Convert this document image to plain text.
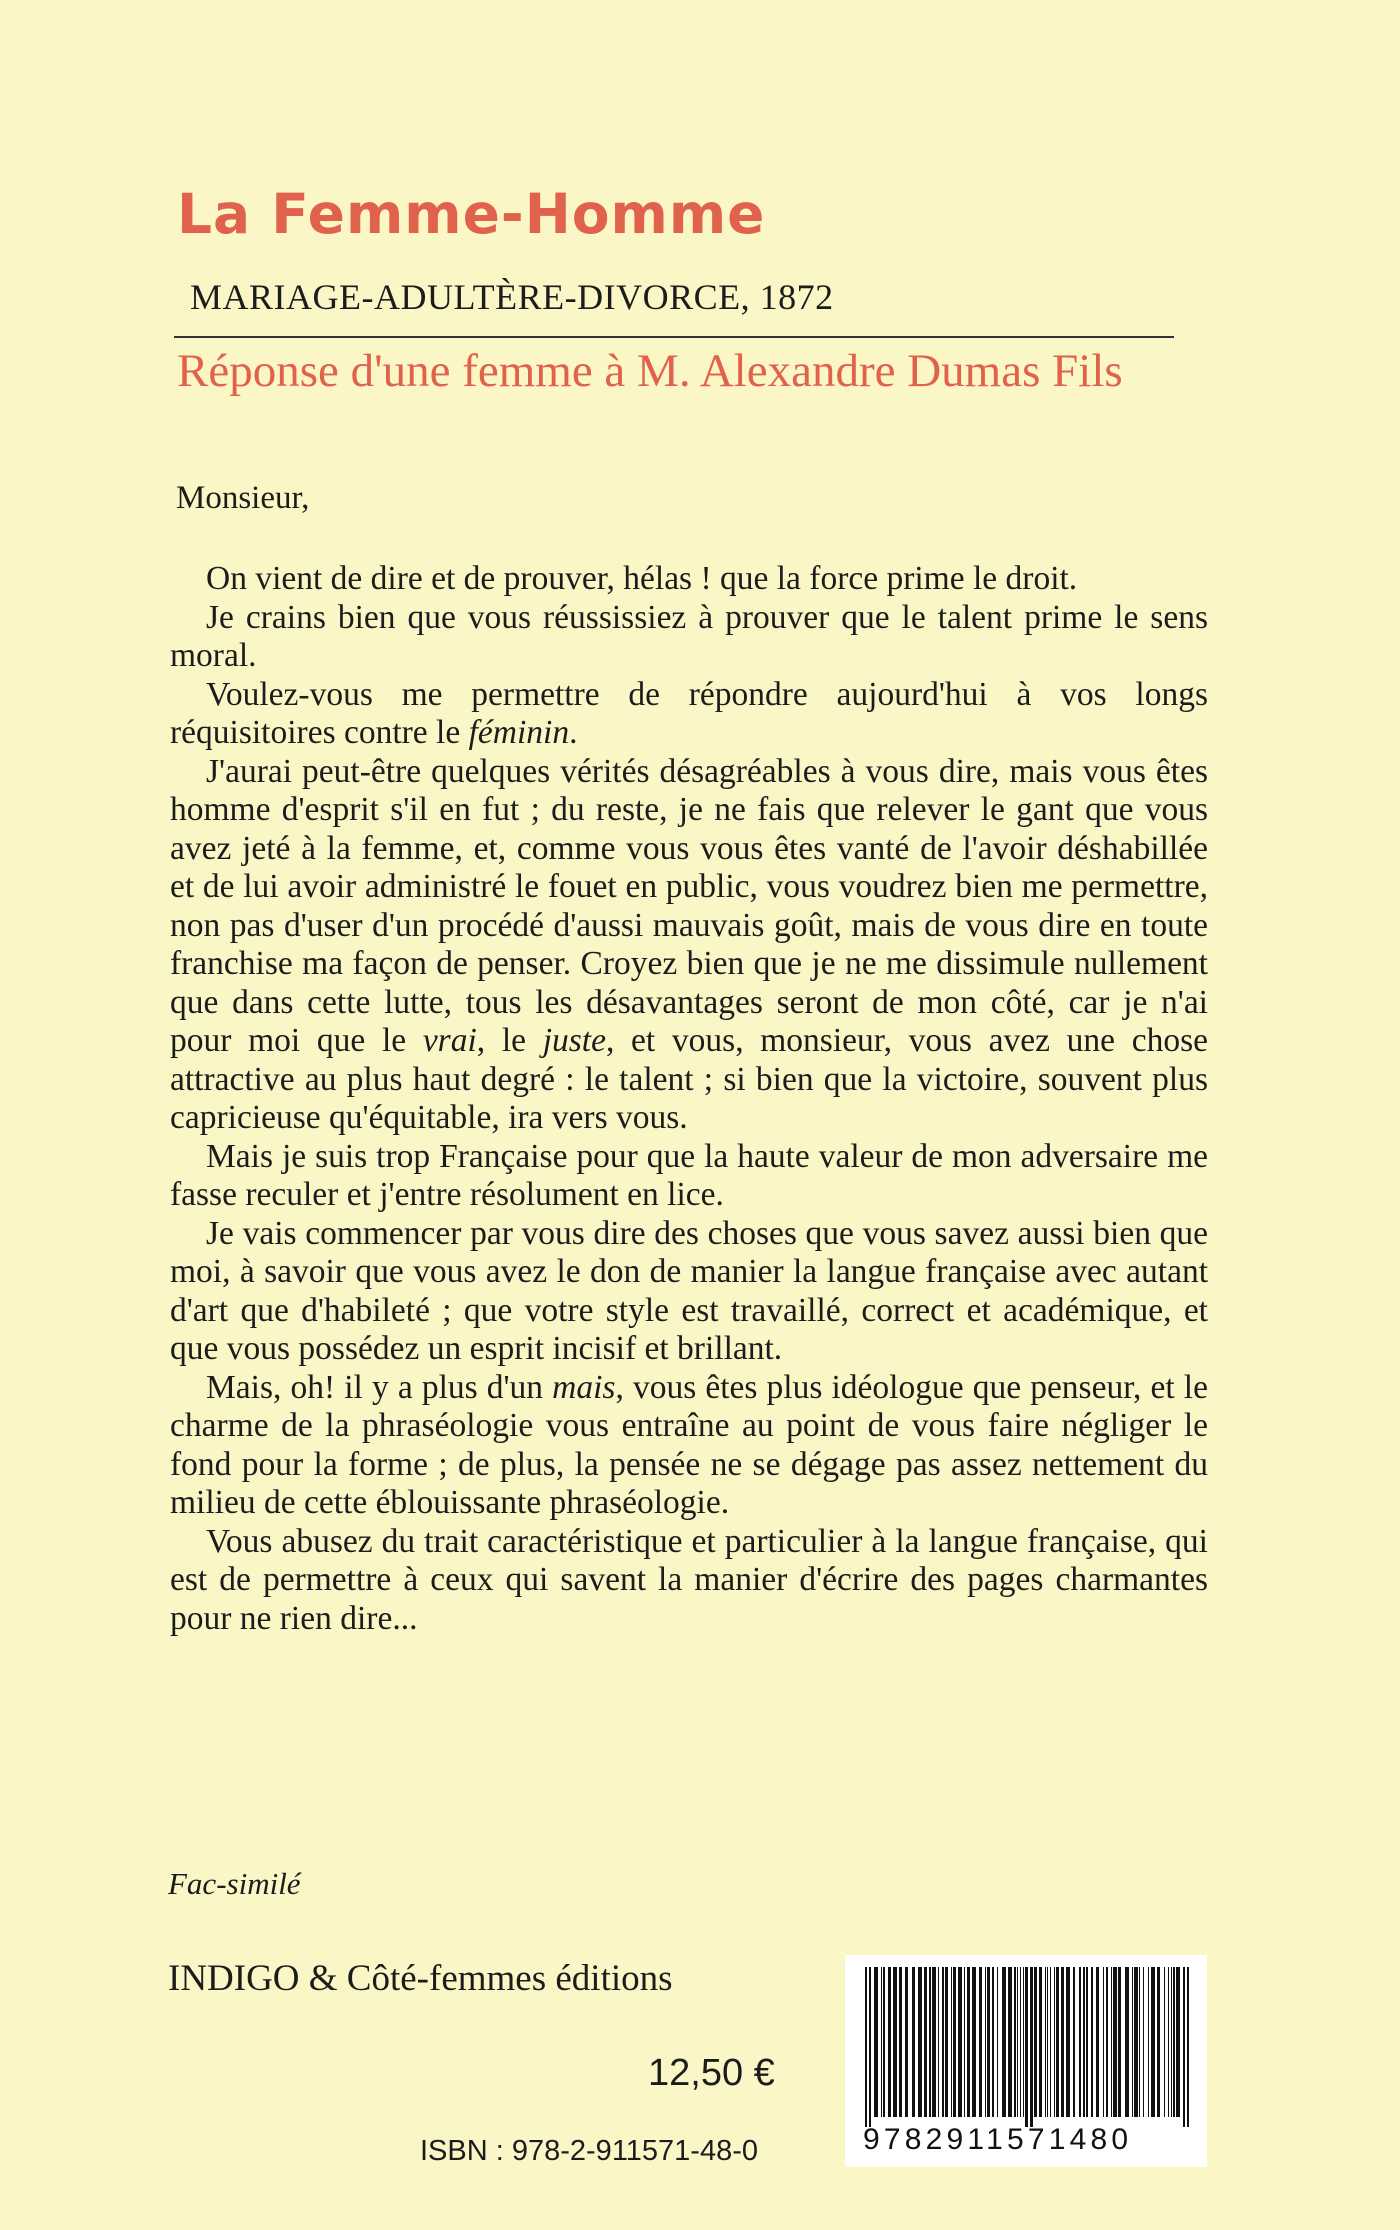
La Femme-Homme
MARIAGE-ADULTÈRE-DIVORCE, 1872
Réponse d'une femme à M. Alexandre Dumas Fils
Monsieur,

On vient de dire et de prouver, hélas ! que la force prime le droit.

Je crains bien que vous réussissiez à prouver que le talent prime le sens moral.

Voulez-vous me permettre de répondre aujourd'hui à vos longs réquisitoires contre le féminin.

J'aurai peut-être quelques vérités désagréables à vous dire, mais vous êtes homme d'esprit s'il en fut ; du reste, je ne fais que relever le gant que vous avez jeté à la femme, et, comme vous vous êtes vanté de l'avoir déshabillée et de lui avoir administré le fouet en public, vous voudrez bien me permettre, non pas d'user d'un procédé d'aussi mauvais goût, mais de vous dire en toute franchise ma façon de penser. Croyez bien que je ne me dissimule nullement que dans cette lutte, tous les désavantages seront de mon côté, car je n'ai pour moi que le vrai, le juste, et vous, monsieur, vous avez une chose attractive au plus haut degré : le talent ; si bien que la victoire, souvent plus capricieuse qu'équitable, ira vers vous.

Mais je suis trop Française pour que la haute valeur de mon adversaire me fasse reculer et j'entre résolument en lice.

Je vais commencer par vous dire des choses que vous savez aussi bien que moi, à savoir que vous avez le don de manier la langue française avec autant d'art que d'habileté ; que votre style est travaillé, correct et académique, et que vous possédez un esprit incisif et brillant.

Mais, oh! il y a plus d'un mais, vous êtes plus idéologue que penseur, et le charme de la phraséologie vous entraîne au point de vous faire négliger le fond pour la forme ; de plus, la pensée ne se dégage pas assez nettement du milieu de cette éblouissante phraséologie.

Vous abusez du trait caractéristique et particulier à la langue française, qui est de permettre à ceux qui savent la manier d'écrire des pages charmantes pour ne rien dire...

Fac-similé
INDIGO & Côté-femmes éditions
12,50 €
ISBN : 978-2-911571-48-0	9782911571480
